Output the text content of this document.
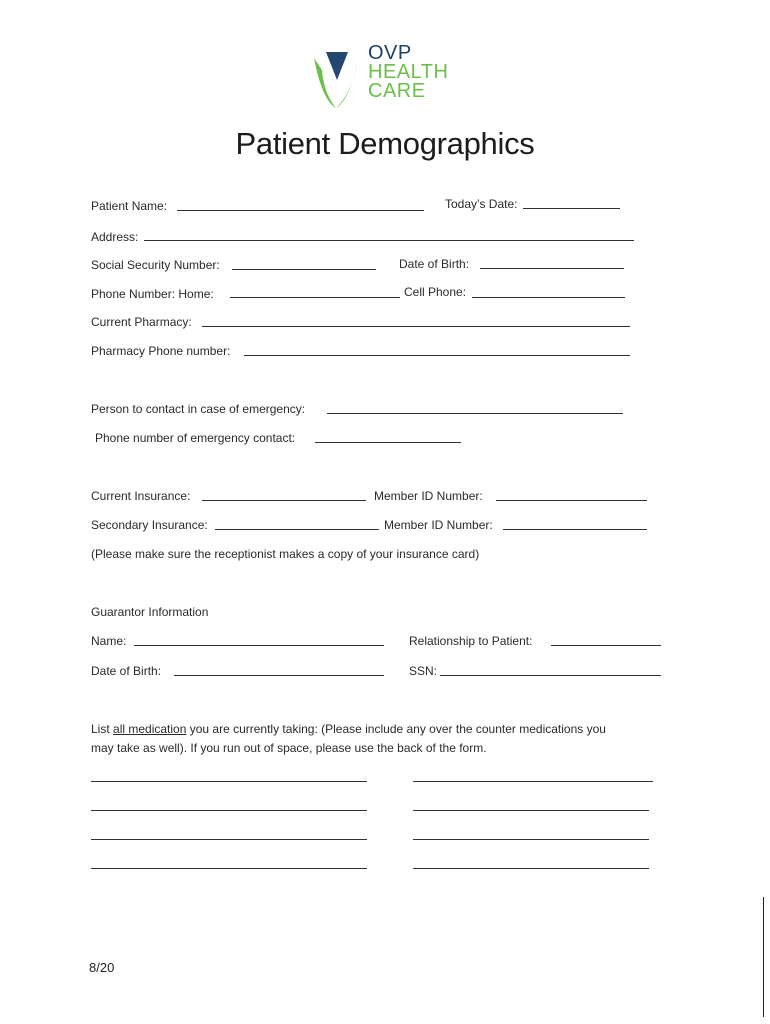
OVP
HEALTH
CARE
Patient Demographics
Patient Name:	Today’s Date:
Address:
Social Security Number:	Date of Birth:
Phone Number: Home:	Cell Phone:
Current Pharmacy:
Pharmacy Phone number:
Person to contact in case of emergency:
Phone number of emergency contact:
Current Insurance:	Member ID Number:
Secondary Insurance:	Member ID Number:
(Please make sure the receptionist makes a copy of your insurance card)
Guarantor Information
Name:	Relationship to Patient:
Date of Birth:	SSN:
List all medication you are currently taking: (Please include any over the counter medications you
may take as well). If you run out of space, please use the back of the form.
8/20
